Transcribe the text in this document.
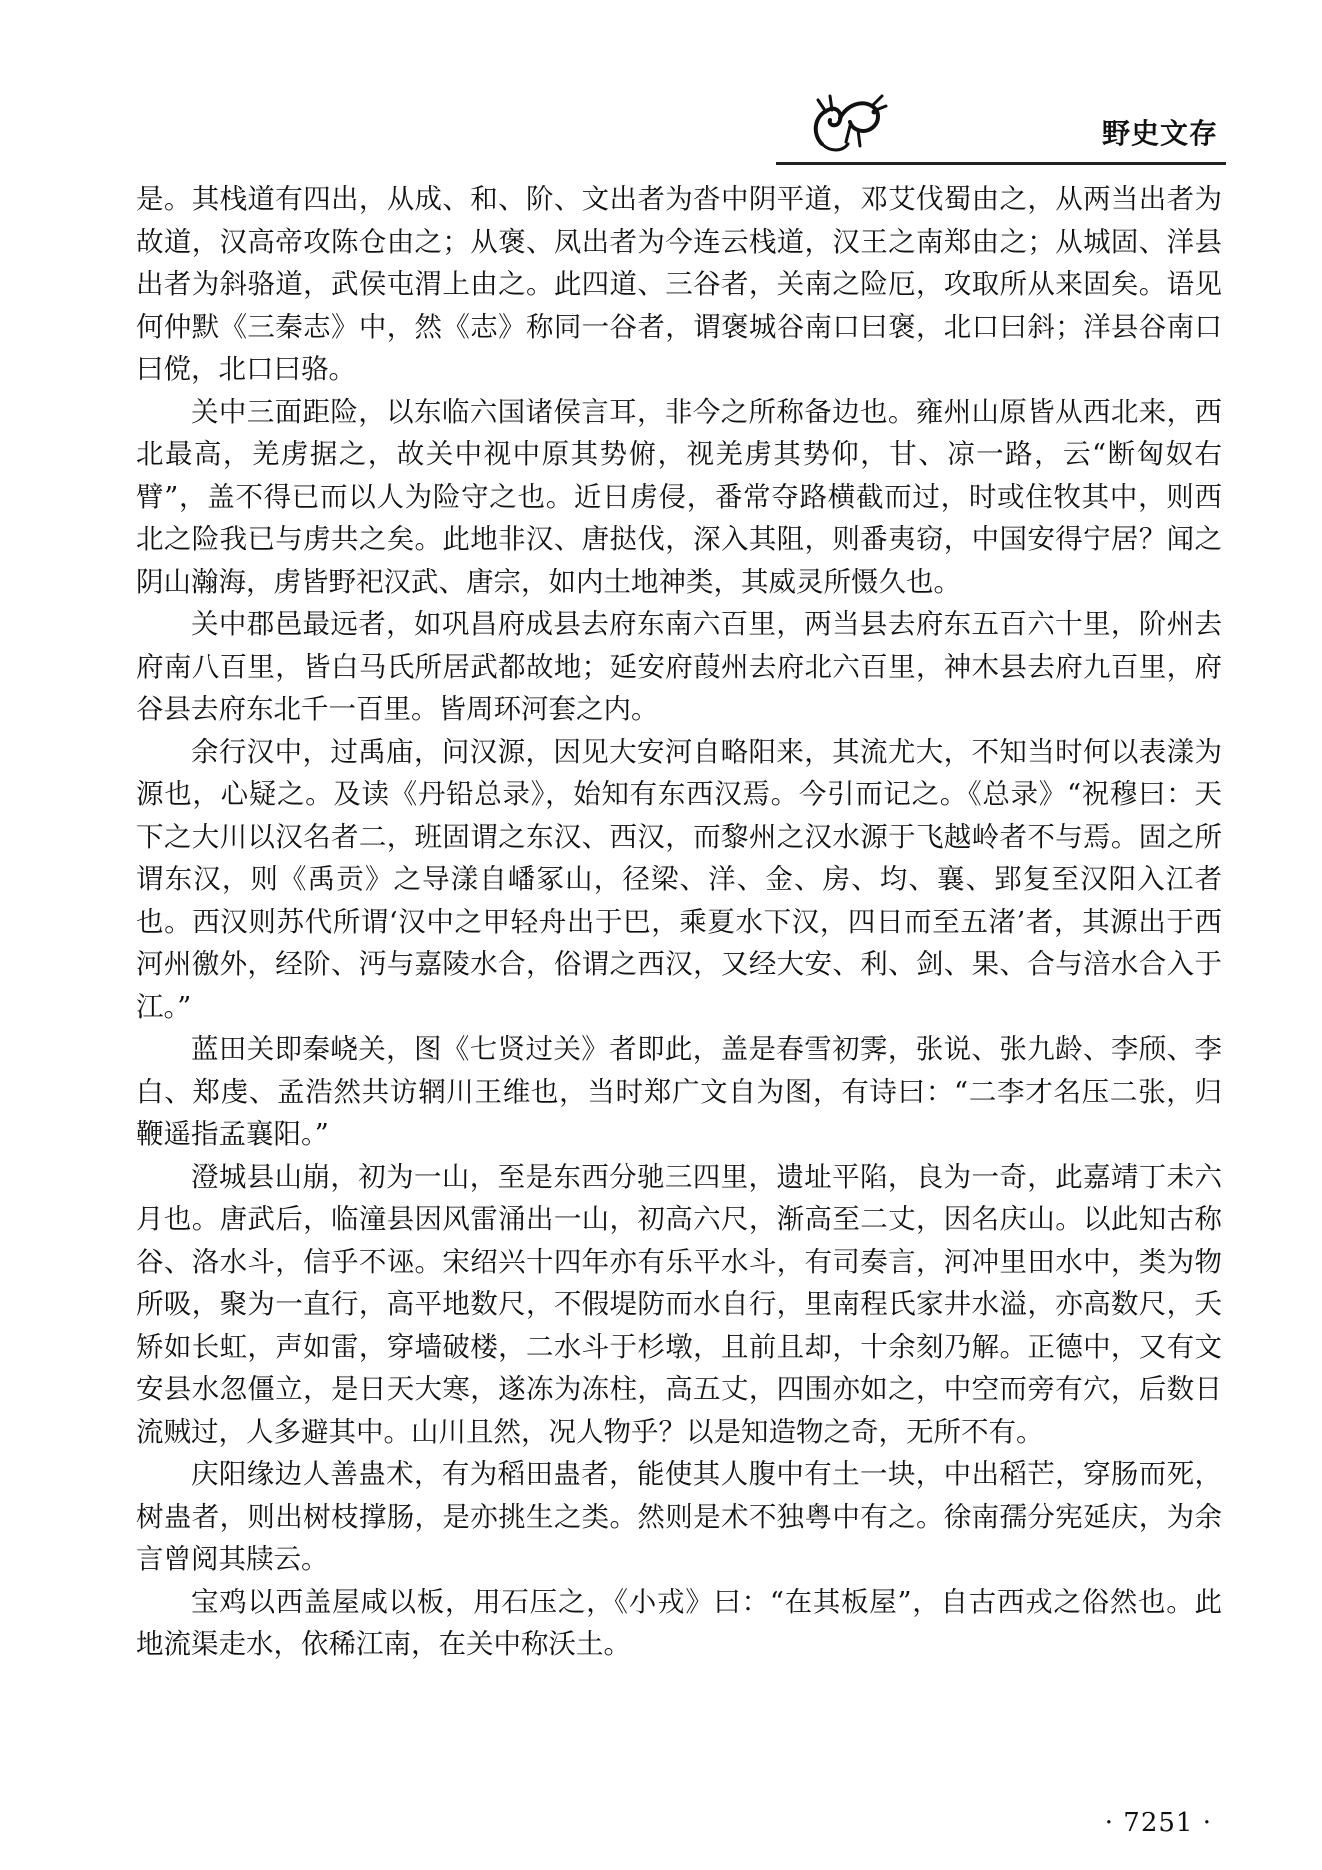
野史文存

是。其栈道有四出，从成、和、阶、文出者为沓中阴平道，邓艾伐蜀由之，从两当出者为故道，汉高帝攻陈仓由之；从褒、凤出者为今连云栈道，汉王之南郑由之；从城固、洋县出者为斜骆道，武侯屯渭上由之。此四道、三谷者，关南之险厄，攻取所从来固矣。语见何仲默《三秦志》中，然《志》称同一谷者，谓褒城谷南口曰褒，北口曰斜；洋县谷南口曰傥，北口曰骆。

关中三面距险，以东临六国诸侯言耳，非今之所称备边也。雍州山原皆从西北来，西北最高，羌虏据之，故关中视中原其势俯，视羌虏其势仰，甘、凉一路，云“断匈奴右臂”，盖不得已而以人为险守之也。近日虏侵，番常夺路横截而过，时或住牧其中，则西北之险我已与虏共之矣。此地非汉、唐挞伐，深入其阻，则番夷窃，中国安得宁居？闻之阴山瀚海，虏皆野祀汉武、唐宗，如内土地神类，其威灵所慑久也。

关中郡邑最远者，如巩昌府成县去府东南六百里，两当县去府东五百六十里，阶州去府南八百里，皆白马氏所居武都故地；延安府葭州去府北六百里，神木县去府九百里，府谷县去府东北千一百里。皆周环河套之内。

余行汉中，过禹庙，问汉源，因见大安河自略阳来，其流尤大，不知当时何以表漾为源也，心疑之。及读《丹铅总录》，始知有东西汉焉。今引而记之。《总录》“祝穆曰：天下之大川以汉名者二，班固谓之东汉、西汉，而黎州之汉水源于飞越岭者不与焉。固之所谓东汉，则《禹贡》之导漾自嶓冢山，径梁、洋、金、房、均、襄、郢复至汉阳入江者也。西汉则苏代所谓‘汉中之甲轻舟出于巴，乘夏水下汉，四日而至五渚’者，其源出于西河州徼外，经阶、沔与嘉陵水合，俗谓之西汉，又经大安、利、剑、果、合与涪水合入于江。”

蓝田关即秦峣关，图《七贤过关》者即此，盖是春雪初霁，张说、张九龄、李颀、李白、郑虔、孟浩然共访辋川王维也，当时郑广文自为图，有诗曰：“二李才名压二张，归鞭遥指孟襄阳。”

澄城县山崩，初为一山，至是东西分驰三四里，遗址平陷，良为一奇，此嘉靖丁未六月也。唐武后，临潼县因风雷涌出一山，初高六尺，渐高至二丈，因名庆山。以此知古称谷、洛水斗，信乎不诬。宋绍兴十四年亦有乐平水斗，有司奏言，河冲里田水中，类为物所吸，聚为一直行，高平地数尺，不假堤防而水自行，里南程氏家井水溢，亦高数尺，夭矫如长虹，声如雷，穿墙破楼，二水斗于杉墩，且前且却，十余刻乃解。正德中，又有文安县水忽僵立，是日天大寒，遂冻为冻柱，高五丈，四围亦如之，中空而旁有穴，后数日流贼过，人多避其中。山川且然，况人物乎？以是知造物之奇，无所不有。

庆阳缘边人善蛊术，有为稻田蛊者，能使其人腹中有土一块，中出稻芒，穿肠而死，树蛊者，则出树枝撑肠，是亦挑生之类。然则是术不独粤中有之。徐南孺分宪延庆，为余言曾阅其牍云。

宝鸡以西盖屋咸以板，用石压之，《小戎》曰：“在其板屋”，自古西戎之俗然也。此地流渠走水，依稀江南，在关中称沃土。

· 7251 ·
